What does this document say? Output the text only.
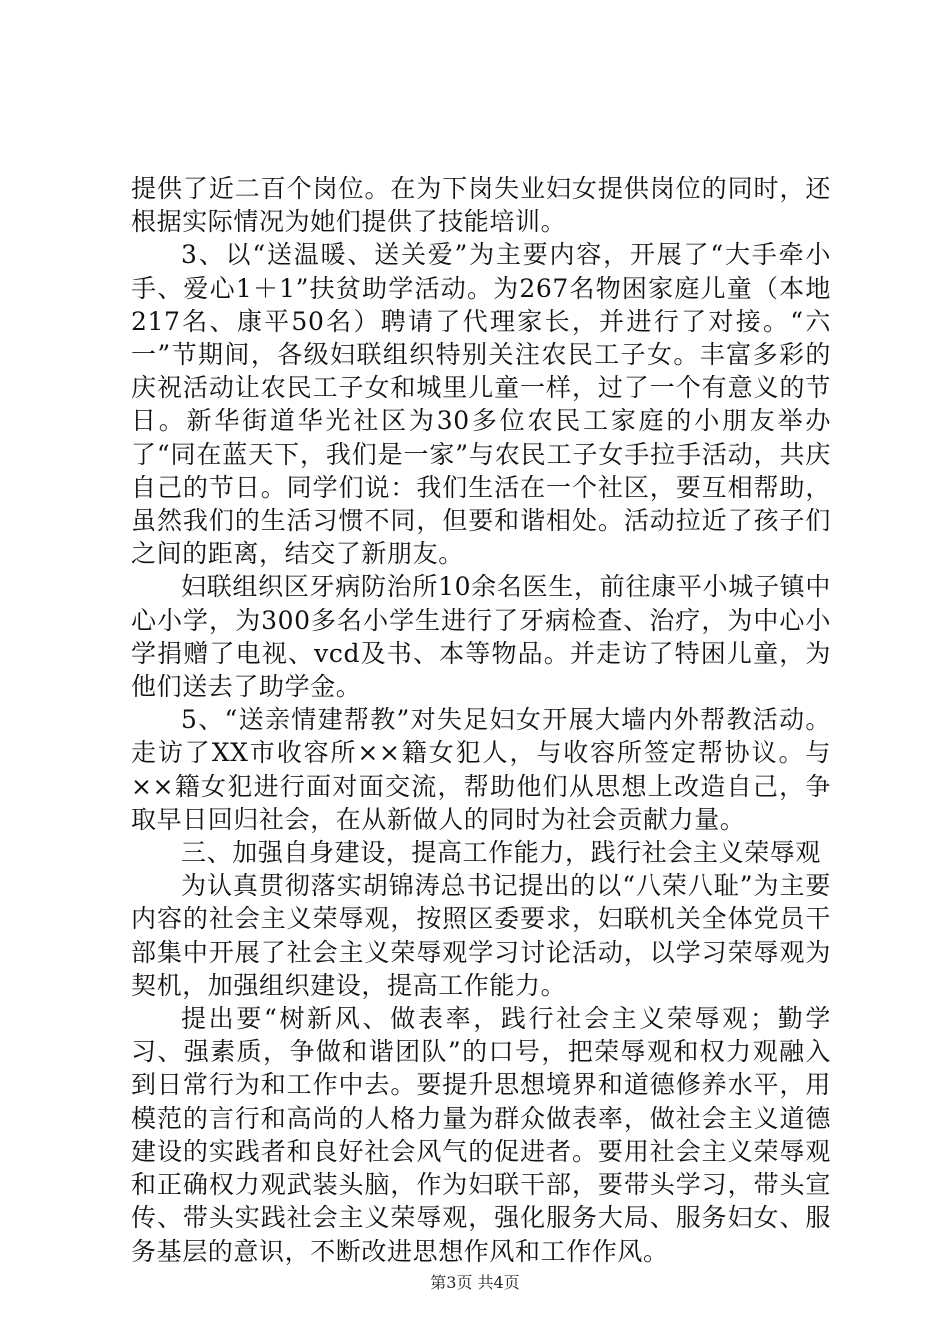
提供了近二百个岗位。在为下岗失业妇女提供岗位的同时，还根据实际情况为她们提供了技能培训。

3、以“送温暖、送关爱”为主要内容，开展了“大手牵小手、爱心1＋1”扶贫助学活动。为267名物困家庭儿童（本地217名、康平50名）聘请了代理家长，并进行了对接。“六一”节期间，各级妇联组织特别关注农民工子女。丰富多彩的庆祝活动让农民工子女和城里儿童一样，过了一个有意义的节日。新华街道华光社区为30多位农民工家庭的小朋友举办了“同在蓝天下，我们是一家”与农民工子女手拉手活动，共庆自己的节日。同学们说：我们生活在一个社区，要互相帮助，虽然我们的生活习惯不同，但要和谐相处。活动拉近了孩子们之间的距离，结交了新朋友。

妇联组织区牙病防治所10余名医生，前往康平小城子镇中心小学，为300多名小学生进行了牙病检查、治疗，为中心小学捐赠了电视、vcd及书、本等物品。并走访了特困儿童，为他们送去了助学金。

5、“送亲情建帮教”对失足妇女开展大墙内外帮教活动。走访了XX市收容所××籍女犯人，与收容所签定帮协议。与××籍女犯进行面对面交流，帮助他们从思想上改造自己，争取早日回归社会，在从新做人的同时为社会贡献力量。

三、加强自身建设，提高工作能力，践行社会主义荣辱观

为认真贯彻落实胡锦涛总书记提出的以“八荣八耻”为主要内容的社会主义荣辱观，按照区委要求，妇联机关全体党员干部集中开展了社会主义荣辱观学习讨论活动，以学习荣辱观为契机，加强组织建设，提高工作能力。

提出要“树新风、做表率，践行社会主义荣辱观；勤学习、强素质，争做和谐团队”的口号，把荣辱观和权力观融入到日常行为和工作中去。要提升思想境界和道德修养水平，用模范的言行和高尚的人格力量为群众做表率，做社会主义道德建设的实践者和良好社会风气的促进者。要用社会主义荣辱观和正确权力观武装头脑，作为妇联干部，要带头学习，带头宣传、带头实践社会主义荣辱观，强化服务大局、服务妇女、服务基层的意识，不断改进思想作风和工作作风。

第3页 共4页
